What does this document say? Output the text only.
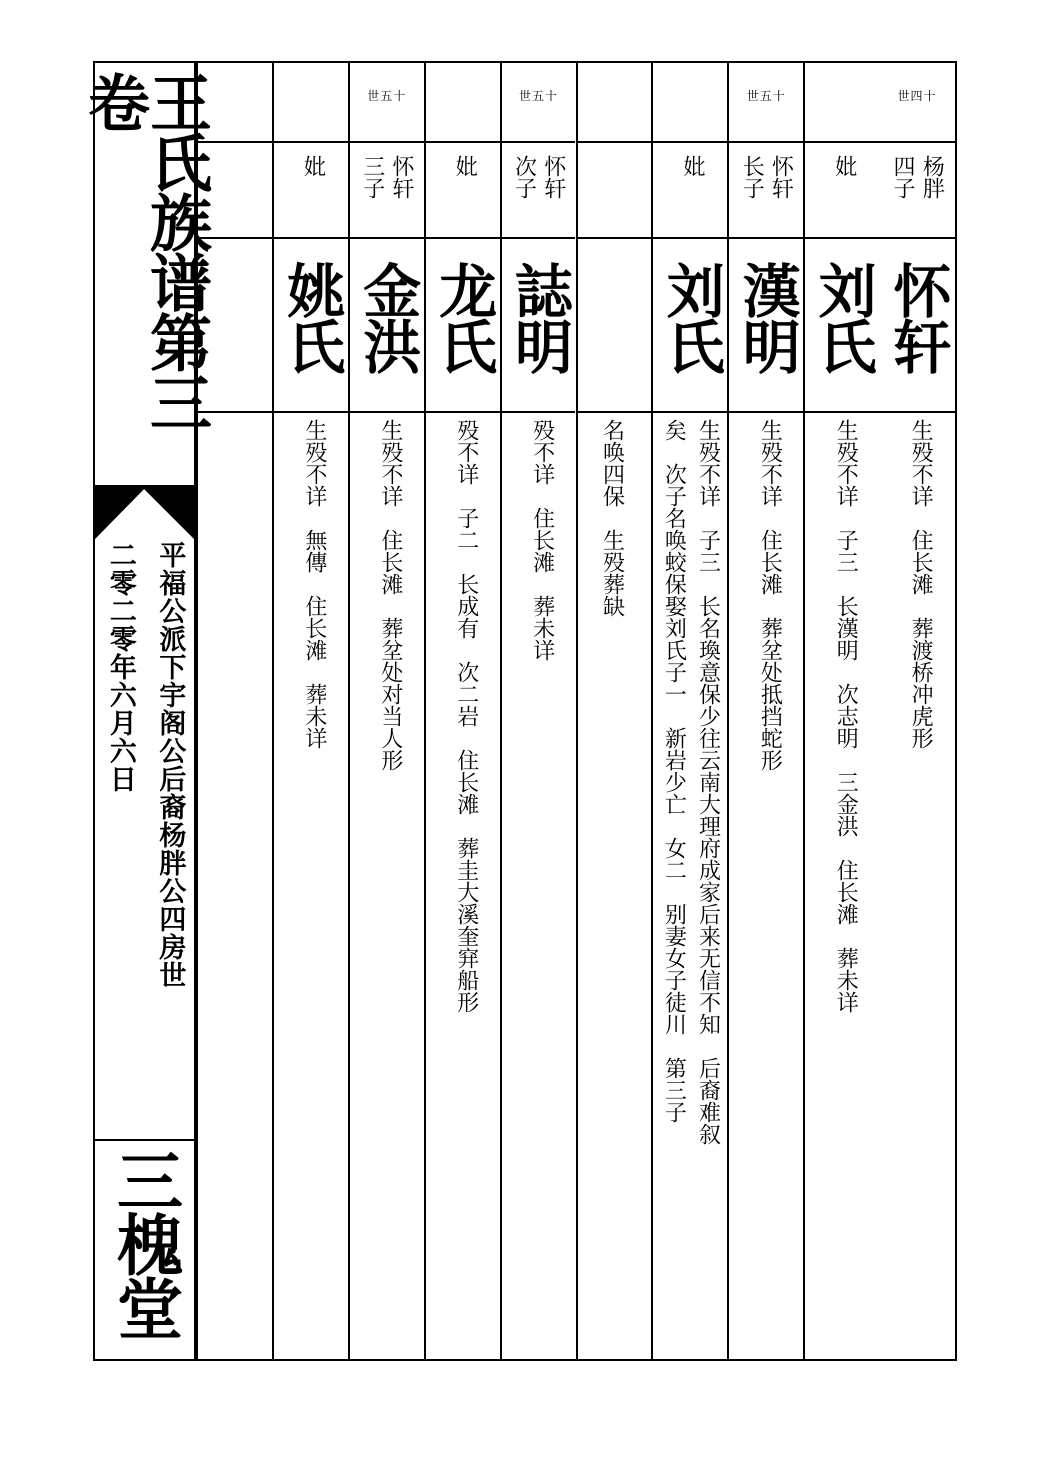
王氏族谱第三卷
平福公派下宇阁公后裔杨胖公四房世
二零二零年六月六日
三槐堂
世四十
杨胖
四子
怀轩
生殁不详　住长滩　葬渡桥冲虎形
妣
刘氏
生殁不详　子三　长漢明　次志明　三金洪　住长滩　葬未详
世五十
怀轩
长子
漢明
生殁不详　住长滩　葬坌处抵挡蛇形
妣
刘氏
生殁不详　子三　长名瑍意保少往云南大理府成家后来无信不知　后裔难叙
矣　次子名唤蛟保娶刘氏子一　新岩少亡　女二　别妻女子徒川　第三子
名唤四保　生殁葬缺
世五十
怀轩
次子
誌明
殁不详　住长滩　葬未详
妣
龙氏
殁不详　子二　长成有　次二岩　住长滩　葬圭大溪奎穽船形
世五十
怀轩
三子
金洪
生殁不详　住长滩　葬坌处对当人形
妣
姚氏
生殁不详　無傳　住长滩　葬未详
